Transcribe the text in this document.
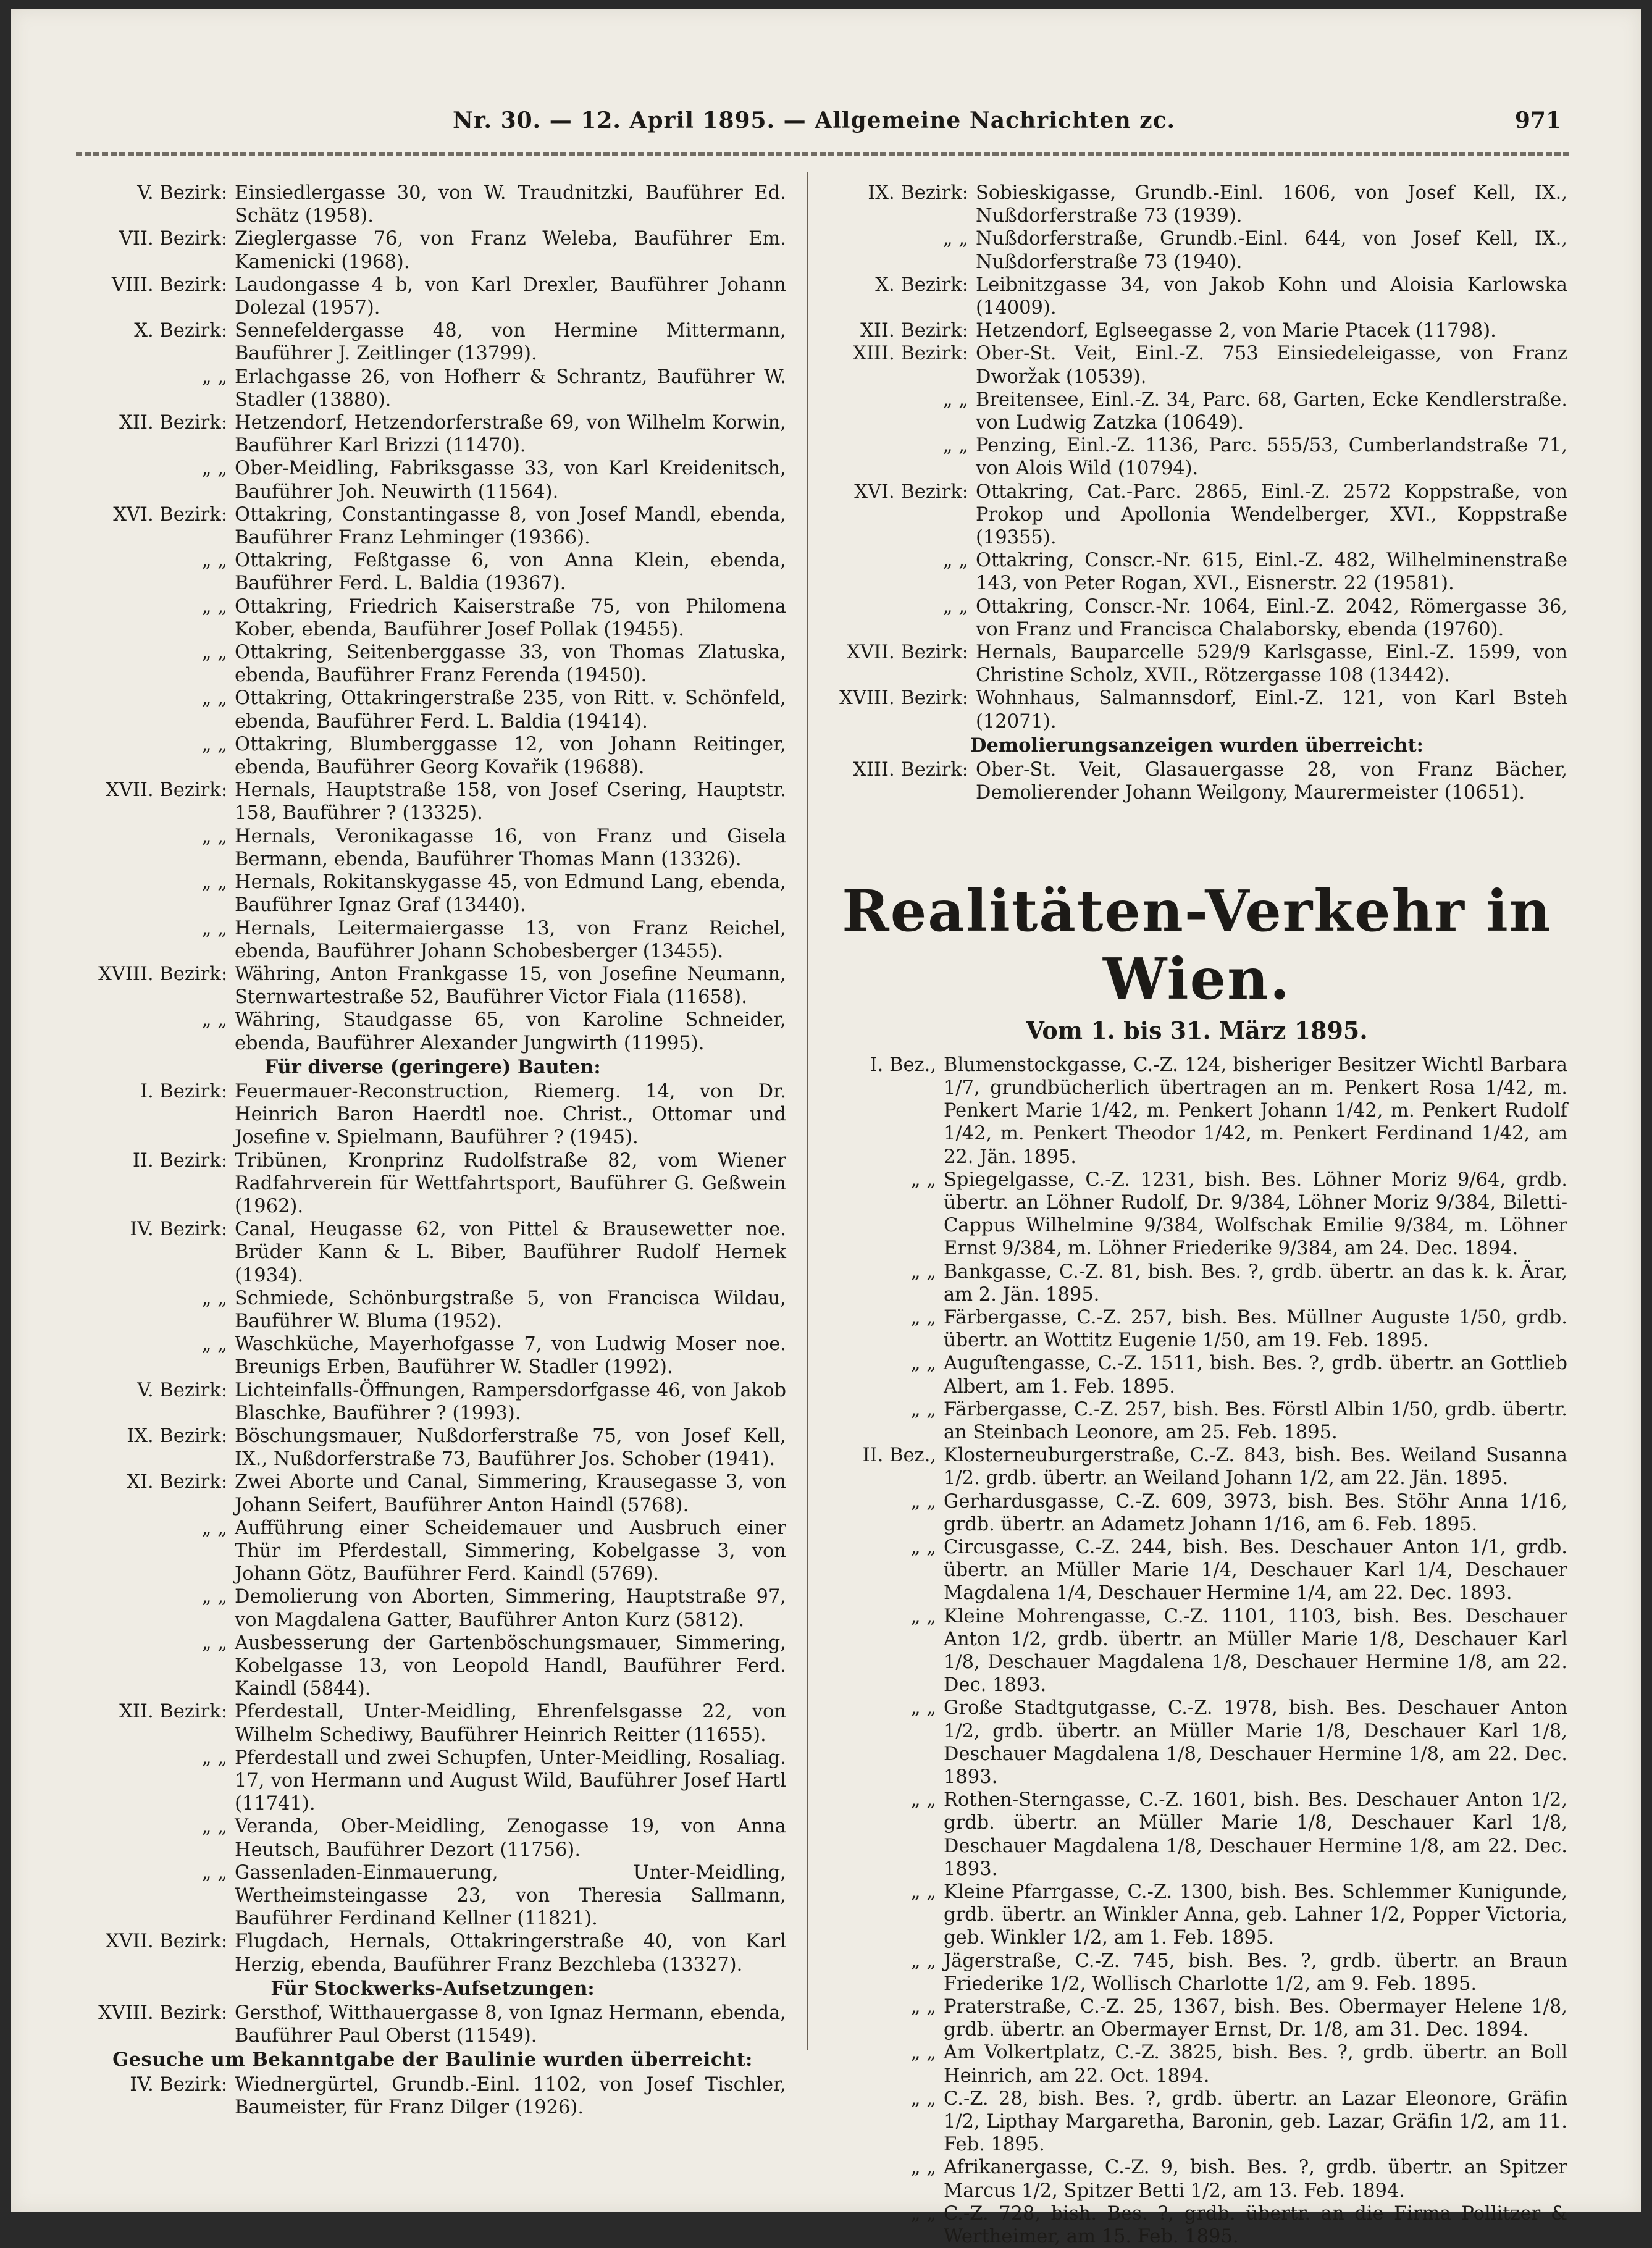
Nr. 30. — 12. April 1895. — Allgemeine Nachrichten zc.	971
V. Bezirk: Einsiedlergasse 30, von W. Traudnitzki, Bauführer Ed. Schätz (1958).
VII. Bezirk: Zieglergasse 76, von Franz Weleba, Bauführer Em. Kamenicki (1968).
VIII. Bezirk: Laudongasse 4 b, von Karl Drexler, Bauführer Johann Dolezal (1957).
X. Bezirk: Sennefeldergasse 48, von Hermine Mittermann, Bauführer J. Zeitlinger (13799).
„ „ Erlachgasse 26, von Hofherr & Schrantz, Bauführer W. Stadler (13880).
XII. Bezirk: Hetzendorf, Hetzendorferstraße 69, von Wilhelm Korwin, Bauführer Karl Brizzi (11470).
„ „ Ober-Meidling, Fabriksgasse 33, von Karl Kreidenitsch, Bauführer Joh. Neuwirth (11564).
XVI. Bezirk: Ottakring, Constantingasse 8, von Josef Mandl, ebenda, Bauführer Franz Lehminger (19366).
„ „ Ottakring, Feßtgasse 6, von Anna Klein, ebenda, Bauführer Ferd. L. Baldia (19367).
„ „ Ottakring, Friedrich Kaiserstraße 75, von Philomena Kober, ebenda, Bauführer Josef Pollak (19455).
„ „ Ottakring, Seitenberggasse 33, von Thomas Zlatuska, ebenda, Bauführer Franz Ferenda (19450).
„ „ Ottakring, Ottakringerstraße 235, von Ritt. v. Schönfeld, ebenda, Bauführer Ferd. L. Baldia (19414).
„ „ Ottakring, Blumberggasse 12, von Johann Reitinger, ebenda, Bauführer Georg Kovařik (19688).
XVII. Bezirk: Hernals, Hauptstraße 158, von Josef Csering, Hauptstr. 158, Bauführer ? (13325).
„ „ Hernals, Veronikagasse 16, von Franz und Gisela Bermann, ebenda, Bauführer Thomas Mann (13326).
„ „ Hernals, Rokitanskygasse 45, von Edmund Lang, ebenda, Bauführer Ignaz Graf (13440).
„ „ Hernals, Leitermaiergasse 13, von Franz Reichel, ebenda, Bauführer Johann Schobesberger (13455).
XVIII. Bezirk: Währing, Anton Frankgasse 15, von Josefine Neumann, Sternwartestraße 52, Bauführer Victor Fiala (11658).
„ „ Währing, Staudgasse 65, von Karoline Schneider, ebenda, Bauführer Alexander Jungwirth (11995).
Für diverse (geringere) Bauten:
I. Bezirk: Feuermauer-Reconstruction, Riemerg. 14, von Dr. Heinrich Baron Haerdtl noe. Christ., Ottomar und Josefine v. Spielmann, Bauführer ? (1945).
II. Bezirk: Tribünen, Kronprinz Rudolfstraße 82, vom Wiener Radfahrverein für Wettfahrtsport, Bauführer G. Geßwein (1962).
IV. Bezirk: Canal, Heugasse 62, von Pittel & Brausewetter noe. Brüder Kann & L. Biber, Bauführer Rudolf Hernek (1934).
„ „ Schmiede, Schönburgstraße 5, von Francisca Wildau, Bauführer W. Bluma (1952).
„ „ Waschküche, Mayerhofgasse 7, von Ludwig Moser noe. Breunigs Erben, Bauführer W. Stadler (1992).
V. Bezirk: Lichteinfalls-Öffnungen, Rampersdorfgasse 46, von Jakob Blaschke, Bauführer ? (1993).
IX. Bezirk: Böschungsmauer, Nußdorferstraße 75, von Josef Kell, IX., Nußdorferstraße 73, Bauführer Jos. Schober (1941).
XI. Bezirk: Zwei Aborte und Canal, Simmering, Krausegasse 3, von Johann Seifert, Bauführer Anton Haindl (5768).
„ „ Aufführung einer Scheidemauer und Ausbruch einer Thür im Pferdestall, Simmering, Kobelgasse 3, von Johann Götz, Bauführer Ferd. Kaindl (5769).
„ „ Demolierung von Aborten, Simmering, Hauptstraße 97, von Magdalena Gatter, Bauführer Anton Kurz (5812).
„ „ Ausbesserung der Gartenböschungsmauer, Simmering, Kobelgasse 13, von Leopold Handl, Bauführer Ferd. Kaindl (5844).
XII. Bezirk: Pferdestall, Unter-Meidling, Ehrenfelsgasse 22, von Wilhelm Schediwy, Bauführer Heinrich Reitter (11655).
„ „ Pferdestall und zwei Schupfen, Unter-Meidling, Rosaliag. 17, von Hermann und August Wild, Bauführer Josef Hartl (11741).
„ „ Veranda, Ober-Meidling, Zenogasse 19, von Anna Heutsch, Bauführer Dezort (11756).
„ „ Gassenladen-Einmauerung, Unter-Meidling, Wertheimsteingasse 23, von Theresia Sallmann, Bauführer Ferdinand Kellner (11821).
XVII. Bezirk: Flugdach, Hernals, Ottakringerstraße 40, von Karl Herzig, ebenda, Bauführer Franz Bezchleba (13327).
Für Stockwerks-Aufsetzungen:
XVIII. Bezirk: Gersthof, Witthauergasse 8, von Ignaz Hermann, ebenda, Bauführer Paul Oberst (11549).
Gesuche um Bekanntgabe der Baulinie wurden überreicht:
IV. Bezirk: Wiednergürtel, Grundb.-Einl. 1102, von Josef Tischler, Baumeister, für Franz Dilger (1926).
IX. Bezirk: Sobieskigasse, Grundb.-Einl. 1606, von Josef Kell, IX., Nußdorferstraße 73 (1939).
„ „ Nußdorferstraße, Grundb.-Einl. 644, von Josef Kell, IX., Nußdorferstraße 73 (1940).
X. Bezirk: Leibnitzgasse 34, von Jakob Kohn und Aloisia Karlowska (14009).
XII. Bezirk: Hetzendorf, Eglseegasse 2, von Marie Ptacek (11798).
XIII. Bezirk: Ober-St. Veit, Einl.-Z. 753 Einsiedeleigasse, von Franz Dworžak (10539).
„ „ Breitensee, Einl.-Z. 34, Parc. 68, Garten, Ecke Kendlerstraße. von Ludwig Zatzka (10649).
„ „ Penzing, Einl.-Z. 1136, Parc. 555/53, Cumberlandstraße 71, von Alois Wild (10794).
XVI. Bezirk: Ottakring, Cat.-Parc. 2865, Einl.-Z. 2572 Koppstraße, von Prokop und Apollonia Wendelberger, XVI., Koppstraße (19355).
„ „ Ottakring, Conscr.-Nr. 615, Einl.-Z. 482, Wilhelminenstraße 143, von Peter Rogan, XVI., Eisnerstr. 22 (19581).
„ „ Ottakring, Conscr.-Nr. 1064, Einl.-Z. 2042, Römergasse 36, von Franz und Francisca Chalaborsky, ebenda (19760).
XVII. Bezirk: Hernals, Bauparcelle 529/9 Karlsgasse, Einl.-Z. 1599, von Christine Scholz, XVII., Rötzergasse 108 (13442).
XVIII. Bezirk: Wohnhaus, Salmannsdorf, Einl.-Z. 121, von Karl Bsteh (12071).
Demolierungsanzeigen wurden überreicht:
XIII. Bezirk: Ober-St. Veit, Glasauergasse 28, von Franz Bächer, Demolierender Johann Weilgony, Maurermeister (10651).
Realitäten-Verkehr in Wien.
Vom 1. bis 31. März 1895.
I. Bez., Blumenstockgasse, C.-Z. 124, bisheriger Besitzer Wichtl Barbara 1/7, grundbücherlich übertragen an m. Penkert Rosa 1/42, m. Penkert Marie 1/42, m. Penkert Johann 1/42, m. Penkert Rudolf 1/42, m. Penkert Theodor 1/42, m. Penkert Ferdinand 1/42, am 22. Jän. 1895.
„ „ Spiegelgasse, C.-Z. 1231, bish. Bes. Löhner Moriz 9/64, grdb. übertr. an Löhner Rudolf, Dr. 9/384, Löhner Moriz 9/384, Biletti-Cappus Wilhelmine 9/384, Wolfschak Emilie 9/384, m. Löhner Ernst 9/384, m. Löhner Friederike 9/384, am 24. Dec. 1894.
„ „ Bankgasse, C.-Z. 81, bish. Bes. ?, grdb. übertr. an das k. k. Ärar, am 2. Jän. 1895.
„ „ Färbergasse, C.-Z. 257, bish. Bes. Müllner Auguste 1/50, grdb. übertr. an Wottitz Eugenie 1/50, am 19. Feb. 1895.
„ „ Auguſtengasse, C.-Z. 1511, bish. Bes. ?, grdb. übertr. an Gottlieb Albert, am 1. Feb. 1895.
„ „ Färbergasse, C.-Z. 257, bish. Bes. Förstl Albin 1/50, grdb. übertr. an Steinbach Leonore, am 25. Feb. 1895.
II. Bez., Klosterneuburgerstraße, C.-Z. 843, bish. Bes. Weiland Susanna 1/2. grdb. übertr. an Weiland Johann 1/2, am 22. Jän. 1895.
„ „ Gerhardusgasse, C.-Z. 609, 3973, bish. Bes. Stöhr Anna 1/16, grdb. übertr. an Adametz Johann 1/16, am 6. Feb. 1895.
„ „ Circusgasse, C.-Z. 244, bish. Bes. Deschauer Anton 1/1, grdb. übertr. an Müller Marie 1/4, Deschauer Karl 1/4, Deschauer Magdalena 1/4, Deschauer Hermine 1/4, am 22. Dec. 1893.
„ „ Kleine Mohrengasse, C.-Z. 1101, 1103, bish. Bes. Deschauer Anton 1/2, grdb. übertr. an Müller Marie 1/8, Deschauer Karl 1/8, Deschauer Magdalena 1/8, Deschauer Hermine 1/8, am 22. Dec. 1893.
„ „ Große Stadtgutgasse, C.-Z. 1978, bish. Bes. Deschauer Anton 1/2, grdb. übertr. an Müller Marie 1/8, Deschauer Karl 1/8, Deschauer Magdalena 1/8, Deschauer Hermine 1/8, am 22. Dec. 1893.
„ „ Rothen-Sterngasse, C.-Z. 1601, bish. Bes. Deschauer Anton 1/2, grdb. übertr. an Müller Marie 1/8, Deschauer Karl 1/8, Deschauer Magdalena 1/8, Deschauer Hermine 1/8, am 22. Dec. 1893.
„ „ Kleine Pfarrgasse, C.-Z. 1300, bish. Bes. Schlemmer Kunigunde, grdb. übertr. an Winkler Anna, geb. Lahner 1/2, Popper Victoria, geb. Winkler 1/2, am 1. Feb. 1895.
„ „ Jägerstraße, C.-Z. 745, bish. Bes. ?, grdb. übertr. an Braun Friederike 1/2, Wollisch Charlotte 1/2, am 9. Feb. 1895.
„ „ Praterstraße, C.-Z. 25, 1367, bish. Bes. Obermayer Helene 1/8, grdb. übertr. an Obermayer Ernst, Dr. 1/8, am 31. Dec. 1894.
„ „ Am Volkertplatz, C.-Z. 3825, bish. Bes. ?, grdb. übertr. an Boll Heinrich, am 22. Oct. 1894.
„ „ C.-Z. 28, bish. Bes. ?, grdb. übertr. an Lazar Eleonore, Gräfin 1/2, Lipthay Margaretha, Baronin, geb. Lazar, Gräfin 1/2, am 11. Feb. 1895.
„ „ Afrikanergasse, C.-Z. 9, bish. Bes. ?, grdb. übertr. an Spitzer Marcus 1/2, Spitzer Betti 1/2, am 13. Feb. 1894.
„ „ C.-Z. 728, bish. Bes. ?, grdb. übertr. an die Firma Pollitzer & Wertheimer, am 15. Feb. 1895.
